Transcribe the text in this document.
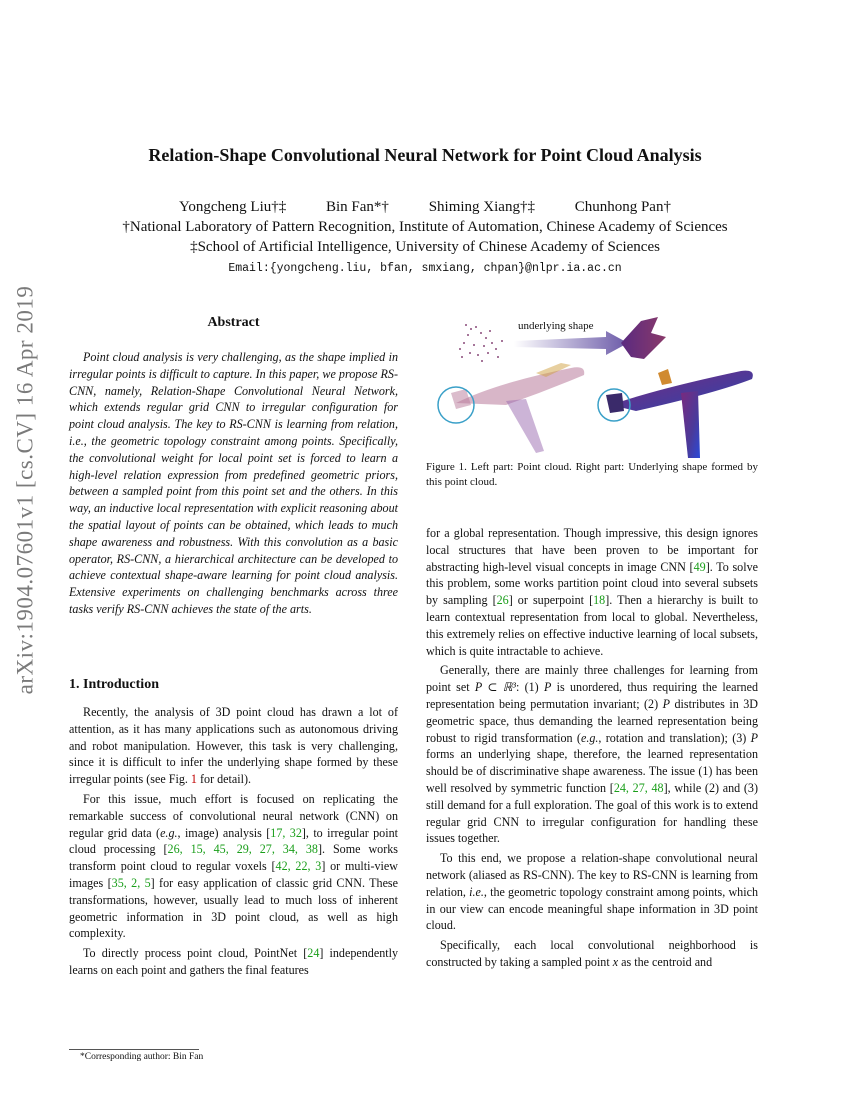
arXiv:1904.07601v1 [cs.CV] 16 Apr 2019
Relation-Shape Convolutional Neural Network for Point Cloud Analysis
Yongcheng Liu†‡	Bin Fan*†	Shiming Xiang†‡	Chunhong Pan†
†National Laboratory of Pattern Recognition, Institute of Automation, Chinese Academy of Sciences
‡School of Artificial Intelligence, University of Chinese Academy of Sciences
Email:{yongcheng.liu, bfan, smxiang, chpan}@nlpr.ia.ac.cn
Abstract

Point cloud analysis is very challenging, as the shape implied in irregular points is difficult to capture. In this paper, we propose RS-CNN, namely, Relation-Shape Convolutional Neural Network, which extends regular grid CNN to irregular configuration for point cloud analysis. The key to RS-CNN is learning from relation, i.e., the geometric topology constraint among points. Specifically, the convolutional weight for local point set is forced to learn a high-level relation expression from predefined geometric priors, between a sampled point from this point set and the others. In this way, an inductive local representation with explicit reasoning about the spatial layout of points can be obtained, which leads to much shape awareness and robustness. With this convolution as a basic operator, RS-CNN, a hierarchical architecture can be developed to achieve contextual shape-aware learning for point cloud analysis. Extensive experiments on challenging benchmarks across three tasks verify RS-CNN achieves the state of the arts.

1. Introduction

Recently, the analysis of 3D point cloud has drawn a lot of attention, as it has many applications such as autonomous driving and robot manipulation. However, this task is very challenging, since it is difficult to infer the underlying shape formed by these irregular points (see Fig. 1 for detail).

For this issue, much effort is focused on replicating the remarkable success of convolutional neural network (CNN) on regular grid data (e.g., image) analysis [17, 32], to irregular point cloud processing [26, 15, 45, 29, 27, 34, 38]. Some works transform point cloud to regular voxels [42, 22, 3] or multi-view images [35, 2, 5] for easy application of classic grid CNN. These transformations, however, usually lead to much loss of inherent geometric information in 3D point cloud, as well as high complexity.

To directly process point cloud, PointNet [24] independently learns on each point and gathers the final features

*Corresponding author: Bin Fan
underlying shape
Figure 1. Left part: Point cloud. Right part: Underlying shape formed by this point cloud.

for a global representation. Though impressive, this design ignores local structures that have been proven to be important for abstracting high-level visual concepts in image CNN [49]. To solve this problem, some works partition point cloud into several subsets by sampling [26] or superpoint [18]. Then a hierarchy is built to learn contextual representation from local to global. Nevertheless, this extremely relies on effective inductive learning of local subsets, which is quite intractable to achieve.

Generally, there are mainly three challenges for learning from point set P ⊂ ℝ³: (1) P is unordered, thus requiring the learned representation being permutation invariant; (2) P distributes in 3D geometric space, thus demanding the learned representation being robust to rigid transformation (e.g., rotation and translation); (3) P forms an underlying shape, therefore, the learned representation should be of discriminative shape awareness. The issue (1) has been well resolved by symmetric function [24, 27, 48], while (2) and (3) still demand for a full exploration. The goal of this work is to extend regular grid CNN to irregular configuration for handling these issues together.

To this end, we propose a relation-shape convolutional neural network (aliased as RS-CNN). The key to RS-CNN is learning from relation, i.e., the geometric topology constraint among points, which in our view can encode meaningful shape information in 3D point cloud.

Specifically, each local convolutional neighborhood is constructed by taking a sampled point x as the centroid and
